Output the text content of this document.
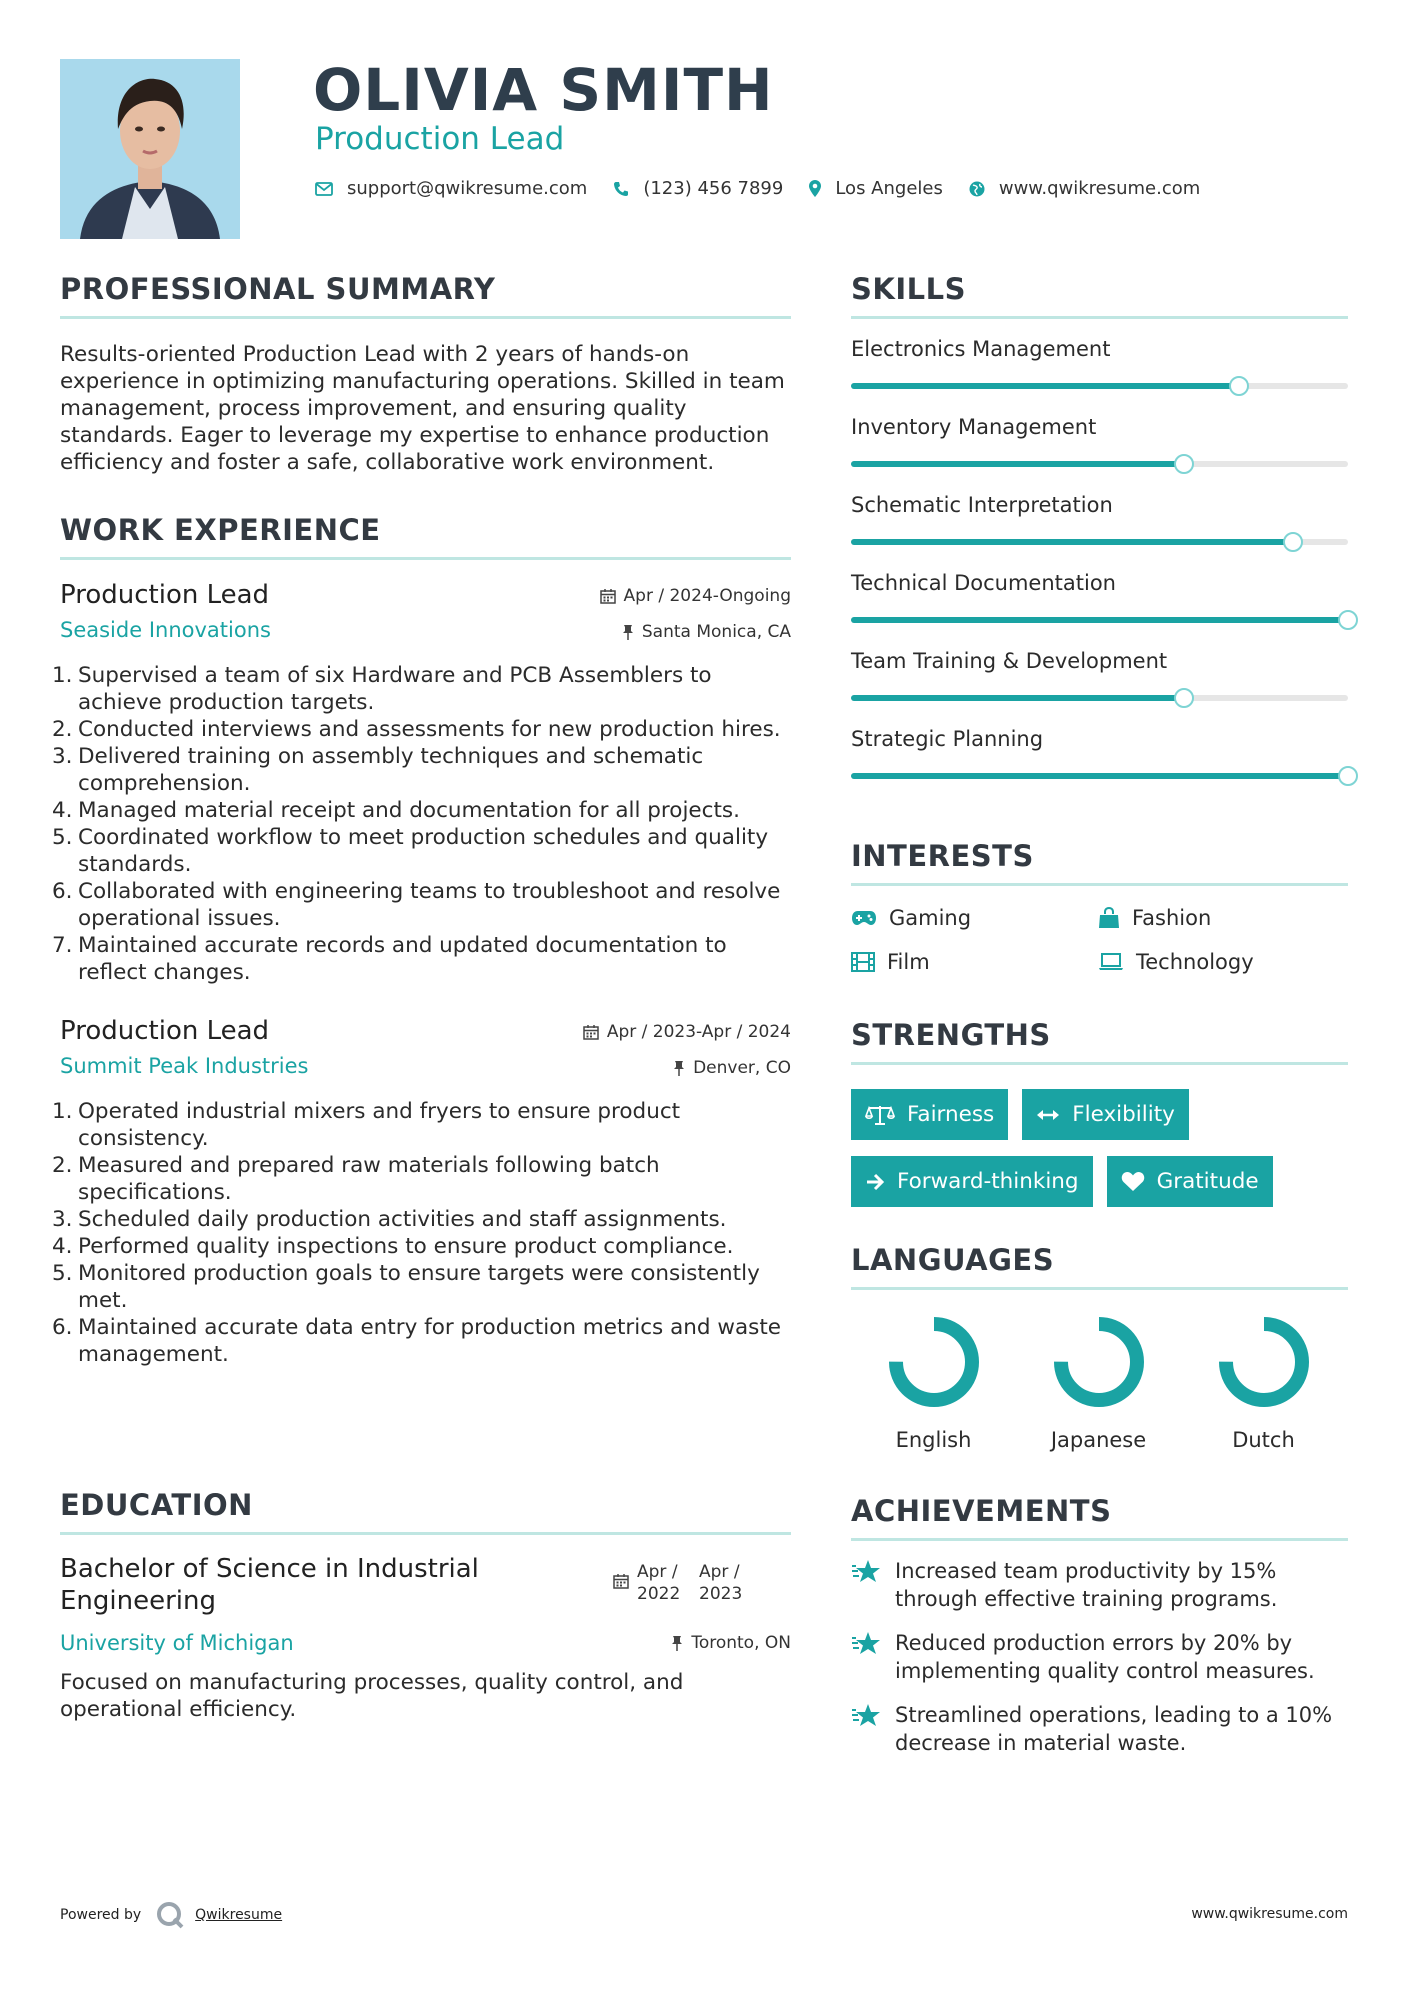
OLIVIA SMITH
Production Lead
support@qwikresume.com	(123) 456 7899	Los Angeles	www.qwikresume.com
PROFESSIONAL SUMMARY

Results-oriented Production Lead with 2 years of hands-on experience in optimizing manufacturing operations. Skilled in team management, process improvement, and ensuring quality standards. Eager to leverage my expertise to enhance production efficiency and foster a safe, collaborative work environment.

WORK EXPERIENCE
Production Lead	Apr / 2024-Ongoing
Seaside Innovations	Santa Monica, CA
1. Supervised a team of six Hardware and PCB Assemblers to achieve production targets.
2. Conducted interviews and assessments for new production hires.
3. Delivered training on assembly techniques and schematic comprehension.
4. Managed material receipt and documentation for all projects.
5. Coordinated workflow to meet production schedules and quality standards.
6. Collaborated with engineering teams to troubleshoot and resolve operational issues.
7. Maintained accurate records and updated documentation to reflect changes.
Production Lead	Apr / 2023-Apr / 2024
Summit Peak Industries	Denver, CO
1. Operated industrial mixers and fryers to ensure product consistency.
2. Measured and prepared raw materials following batch specifications.
3. Scheduled daily production activities and staff assignments.
4. Performed quality inspections to ensure product compliance.
5. Monitored production goals to ensure targets were consistently met.
6. Maintained accurate data entry for production metrics and waste management.
EDUCATION
Bachelor of Science in Industrial Engineering
Apr /
2022
Apr /
2023
University of Michigan	Toronto, ON

Focused on manufacturing processes, quality control, and operational efficiency.

SKILLS
Electronics Management
Inventory Management
Schematic Interpretation
Technical Documentation
Team Training & Development
Strategic Planning
INTERESTS
Gaming	Fashion
Film	Technology
STRENGTHS
Fairness	Flexibility
Forward-thinking	Gratitude
LANGUAGES
English	Japanese	Dutch
ACHIEVEMENTS
Increased team productivity by 15% through effective training programs.
Reduced production errors by 20% by implementing quality control measures.
Streamlined operations, leading to a 10% decrease in material waste.
Powered by	Qwikresume	www.qwikresume.com
